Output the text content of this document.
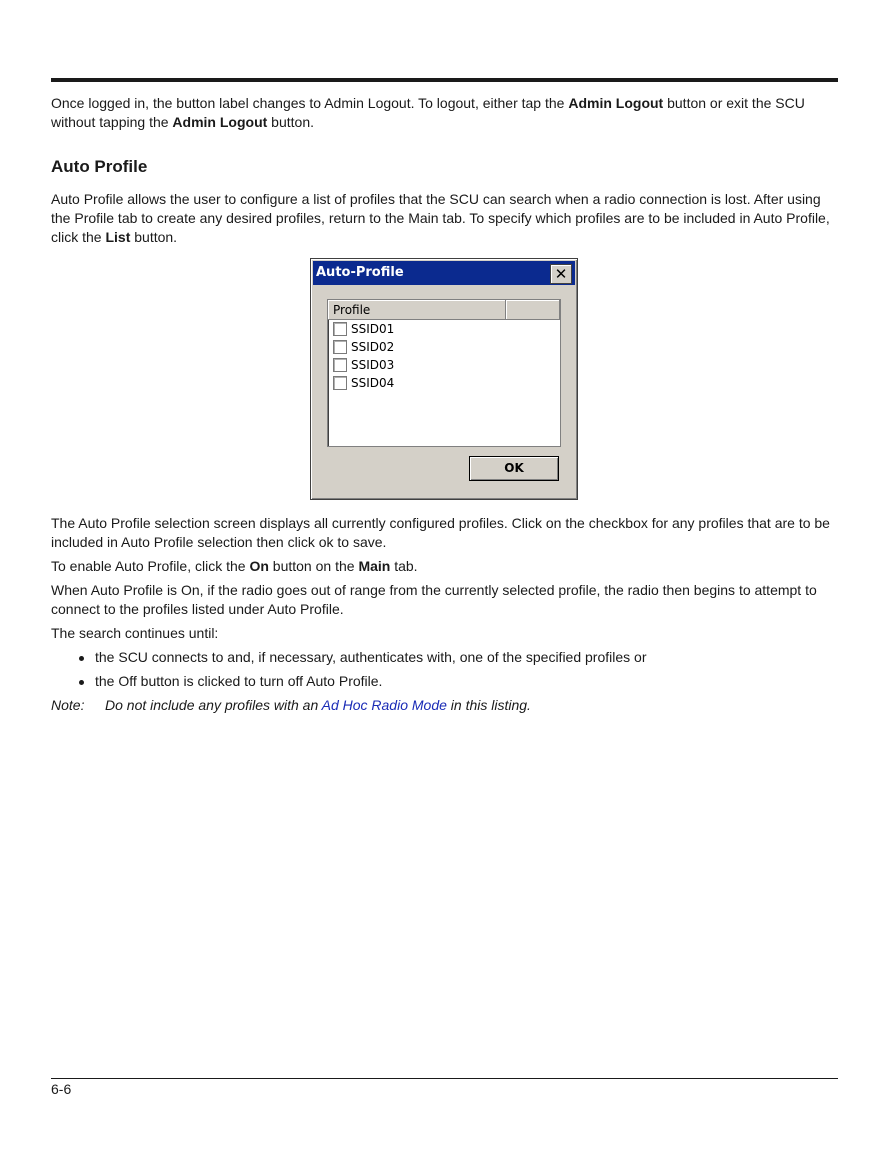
Once logged in, the button label changes to Admin Logout. To logout, either tap the Admin Logout button or exit the SCU without tapping the Admin Logout button.

Auto Profile

Auto Profile allows the user to configure a list of profiles that the SCU can search when a radio connection is lost. After using the Profile tab to create any desired profiles, return to the Main tab. To specify which profiles are to be included in Auto Profile, click the List button.

Auto-Profile	✕
Profile
SSID01
SSID02
SSID03
SSID04
OK

The Auto Profile selection screen displays all currently configured profiles. Click on the checkbox for any profiles that are to be included in Auto Profile selection then click ok to save.

To enable Auto Profile, click the On button on the Main tab.

When Auto Profile is On, if the radio goes out of range from the currently selected profile, the radio then begins to attempt to connect to the profiles listed under Auto Profile.

The search continues until:

the SCU connects to and, if necessary, authenticates with, one of the specified profiles or
the Off button is clicked to turn off Auto Profile.
Note:	Do not include any profiles with an Ad Hoc Radio Mode in this listing.
6-6
